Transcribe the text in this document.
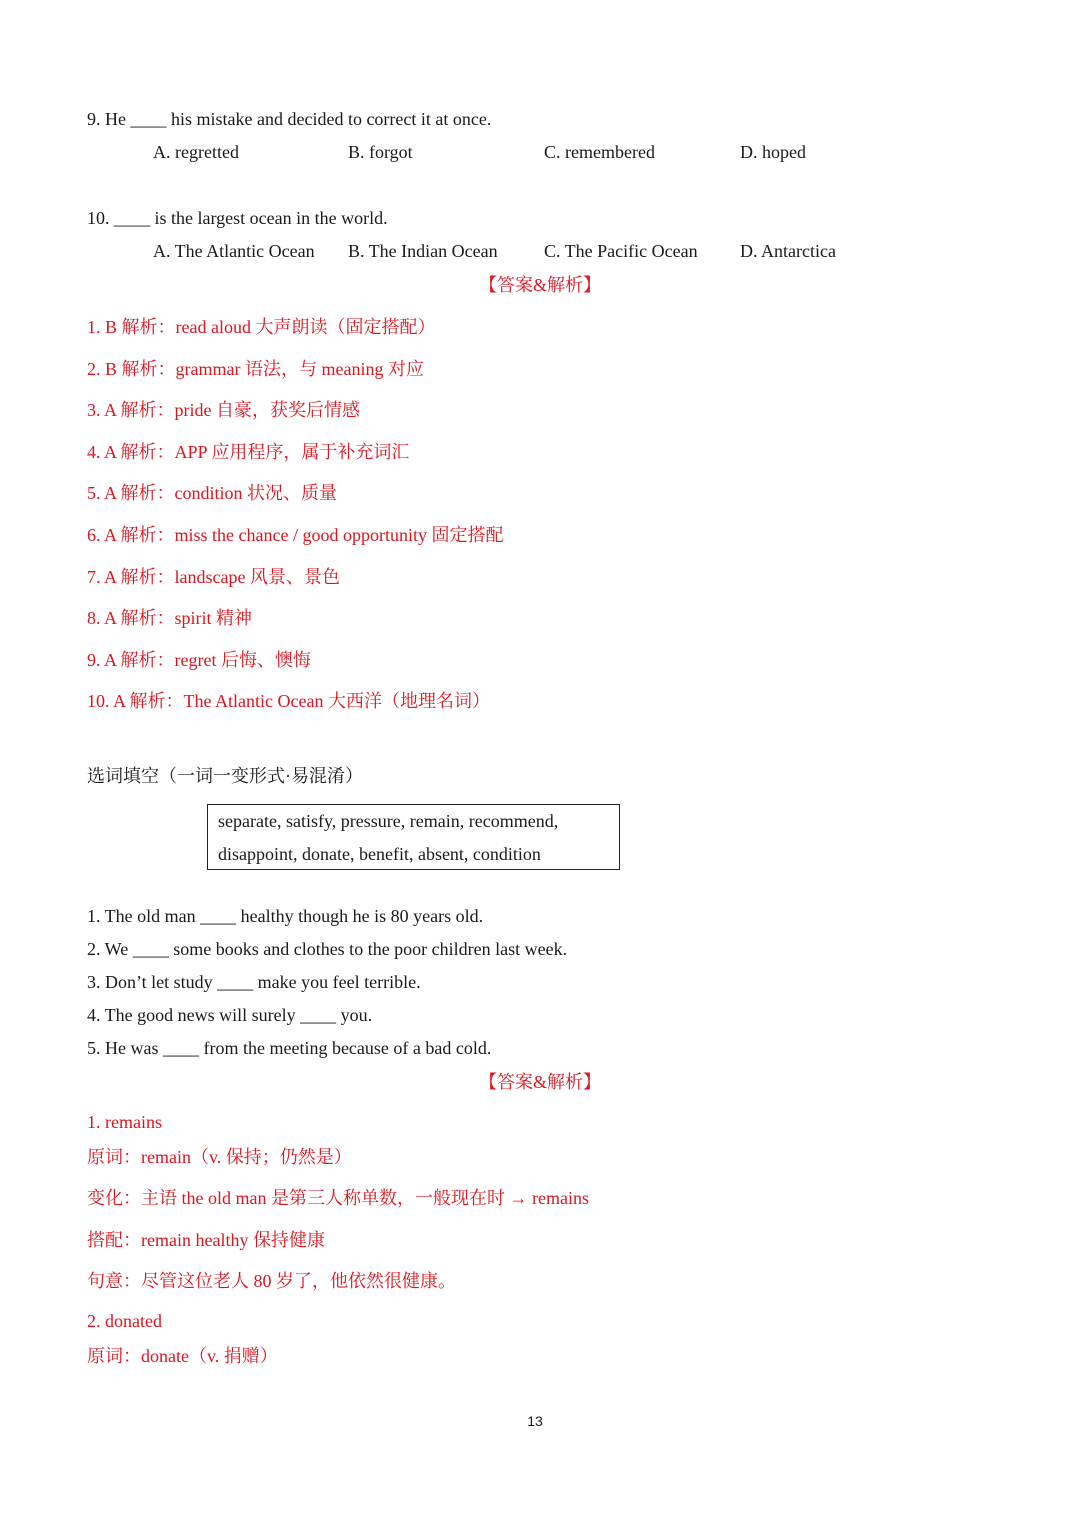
9. He ____ his mistake and decided to correct it at once.
A. regretted	B. forgot	C. remembered	D. hoped
10. ____ is the largest ocean in the world.
A. The Atlantic Ocean B. The Indian Ocean	C. The Pacific Ocean D. Antarctica
【答案&解析】
1. B 解析：read aloud 大声朗读（固定搭配）
2. B 解析：grammar 语法，与 meaning 对应
3. A 解析：pride 自豪，获奖后情感
4. A 解析：APP 应用程序，属于补充词汇
5. A 解析：condition 状况、质量
6. A 解析：miss the chance / good opportunity 固定搭配
7. A 解析：landscape 风景、景色
8. A 解析：spirit 精神
9. A 解析：regret 后悔、懊悔
10. A 解析：The Atlantic Ocean 大西洋（地理名词）
选词填空（一词一变形式·易混淆）
separate, satisfy, pressure, remain, recommend,
disappoint, donate, benefit, absent, condition
1. The old man ____ healthy though he is 80 years old.
2. We ____ some books and clothes to the poor children last week.
3. Don’t let study ____ make you feel terrible.
4. The good news will surely ____ you.
5. He was ____ from the meeting because of a bad cold.
【答案&解析】
1. remains
原词：remain（v. 保持；仍然是）
变化：主语 the old man 是第三人称单数，一般现在时 → remains
搭配：remain healthy 保持健康
句意：尽管这位老人 80 岁了，他依然很健康。
2. donated
原词：donate（v. 捐赠）
13
